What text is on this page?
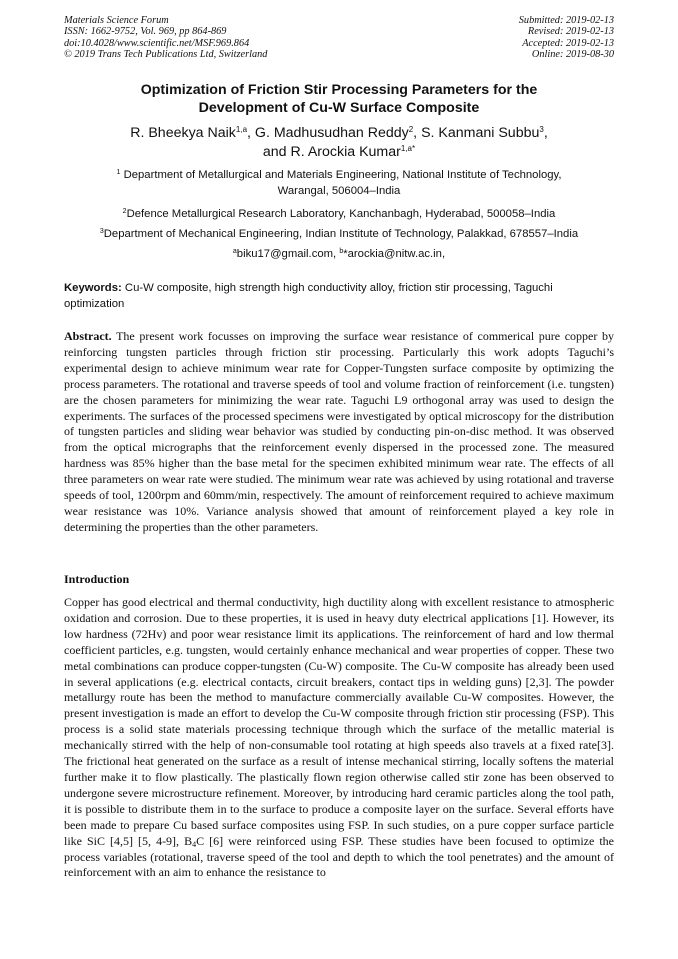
Materials Science Forum
ISSN: 1662-9752, Vol. 969, pp 864-869
doi:10.4028/www.scientific.net/MSF.969.864
© 2019 Trans Tech Publications Ltd, Switzerland
Submitted: 2019-02-13
Revised: 2019-02-13
Accepted: 2019-02-13
Online: 2019-08-30
Optimization of Friction Stir Processing Parameters for the
Development of Cu-W Surface Composite
R. Bheekya Naik$^{1,a}$, G. Madhusudhan Reddy$^2$, S. Kanmani Subbu$^3$,
and R. Arockia Kumar$^{1,a*}$
$^1$ Department of Metallurgical and Materials Engineering, National Institute of Technology,
Warangal, 506004–India
$^2$Defence Metallurgical Research Laboratory, Kanchanbagh, Hyderabad, 500058–India
$^3$Department of Mechanical Engineering, Indian Institute of Technology, Palakkad, 678557–India
$^a$biku17@gmail.com, $^b$*arockia@nitw.ac.in,
Keywords: Cu-W composite, high strength high conductivity alloy, friction stir processing, Taguchi optimization
Abstract. The present work focusses on improving the surface wear resistance of commerical pure copper by reinforcing tungsten particles through friction stir processing. Particularly this work adopts Taguchi’s experimental design to achieve minimum wear rate for Copper-Tungsten surface composite by optimizing the process parameters. The rotational and traverse speeds of tool and volume fraction of reinforcement (i.e. tungsten) are the chosen parameters for minimizing the wear rate. Taguchi L9 orthogonal array was used to design the experiments. The surfaces of the processed specimens were investigated by optical microscopy for the distribution of tungsten particles and sliding wear behavior was studied by conducting pin-on-disc method. It was observed from the optical micrographs that the reinforcement evenly dispersed in the processed zone. The measured hardness was 85% higher than the base metal for the specimen exhibited minimum wear rate. The effects of all three parameters on wear rate were studied. The minimum wear rate was achieved by using rotational and traverse speeds of tool, 1200rpm and 60mm/min, respectively. The amount of reinforcement required to achieve maximum wear resistance was 10%. Variance analysis showed that amount of reinforcement played a key role in determining the properties than the other parameters.
Introduction
Copper has good electrical and thermal conductivity, high ductility along with excellent resistance to atmospheric oxidation and corrosion. Due to these properties, it is used in heavy duty electrical applications [1]. However, its low hardness (72Hv) and poor wear resistance limit its applications. The reinforcement of hard and low thermal coefficient particles, e.g. tungsten, would certainly enhance mechanical and wear properties of copper. These two metal combinations can produce copper-tungsten (Cu-W) composite. The Cu-W composite has already been used in several applications (e.g. electrical contacts, circuit breakers, contact tips in welding guns) [2,3]. The powder metallurgy route has been the method to manufacture commercially available Cu-W composites. However, the present investigation is made an effort to develop the Cu-W composite through friction stir processing (FSP). This process is a solid state materials processing technique through which the surface of the metallic material is mechanically stirred with the help of non-consumable tool rotating at high speeds also travels at a fixed rate[3]. The frictional heat generated on the surface as a result of intense mechanical stirring, locally softens the material further make it to flow plastically. The plastically flown region otherwise called stir zone has been observed to undergone severe microstructure refinement. Moreover, by introducing hard ceramic particles along the tool path, it is possible to distribute them in to the surface to produce a composite layer on the surface. Several efforts have been made to prepare Cu based surface composites using FSP. In such studies, on a pure copper surface particle like SiC [4,5] [5, 4-9], $B_4C$ [6] were reinforced using FSP. These studies have been focused to optimize the process variables (rotational, traverse speed of the tool and depth to which the tool penetrates) and the amount of reinforcement with an aim to enhance the resistance to
